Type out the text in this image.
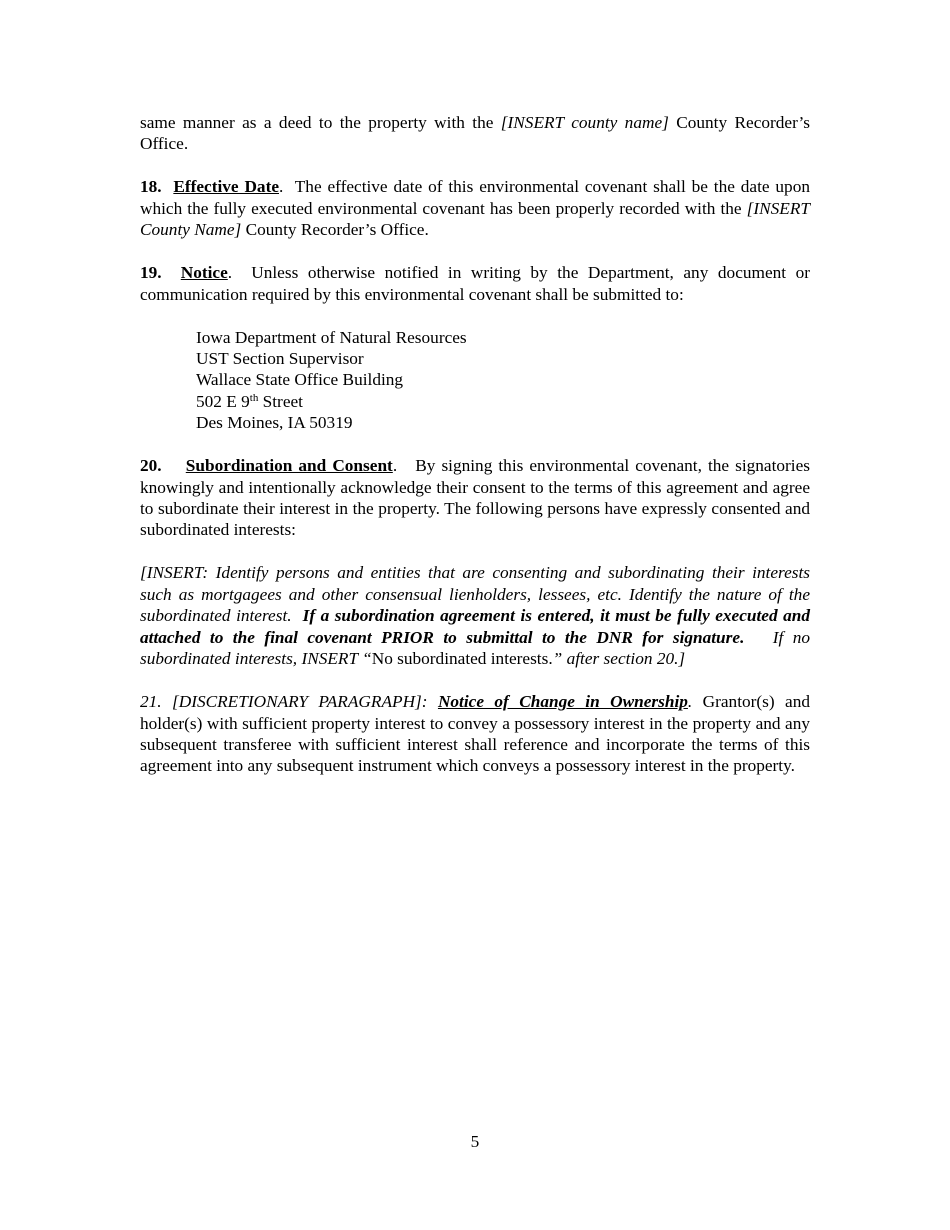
same manner as a deed to the property with the [INSERT county name] County Recorder’s Office.

18. Effective Date. The effective date of this environmental covenant shall be the date upon which the fully executed environmental covenant has been properly recorded with the [INSERT County Name] County Recorder’s Office.

19. Notice. Unless otherwise notified in writing by the Department, any document or communication required by this environmental covenant shall be submitted to:

Iowa Department of Natural Resources
UST Section Supervisor
Wallace State Office Building
502 E 9th Street
Des Moines, IA 50319

20. Subordination and Consent. By signing this environmental covenant, the signatories knowingly and intentionally acknowledge their consent to the terms of this agreement and agree to subordinate their interest in the property. The following persons have expressly consented and subordinated interests:

[INSERT: Identify persons and entities that are consenting and subordinating their interests such as mortgagees and other consensual lienholders, lessees, etc. Identify the nature of the subordinated interest. If a subordination agreement is entered, it must be fully executed and attached to the final covenant PRIOR to submittal to the DNR for signature. If no subordinated interests, INSERT “No subordinated interests.” after section 20.]

21. [DISCRETIONARY PARAGRAPH]: Notice of Change in Ownership. Grantor(s) and holder(s) with sufficient property interest to convey a possessory interest in the property and any subsequent transferee with sufficient interest shall reference and incorporate the terms of this agreement into any subsequent instrument which conveys a possessory interest in the property.

5
